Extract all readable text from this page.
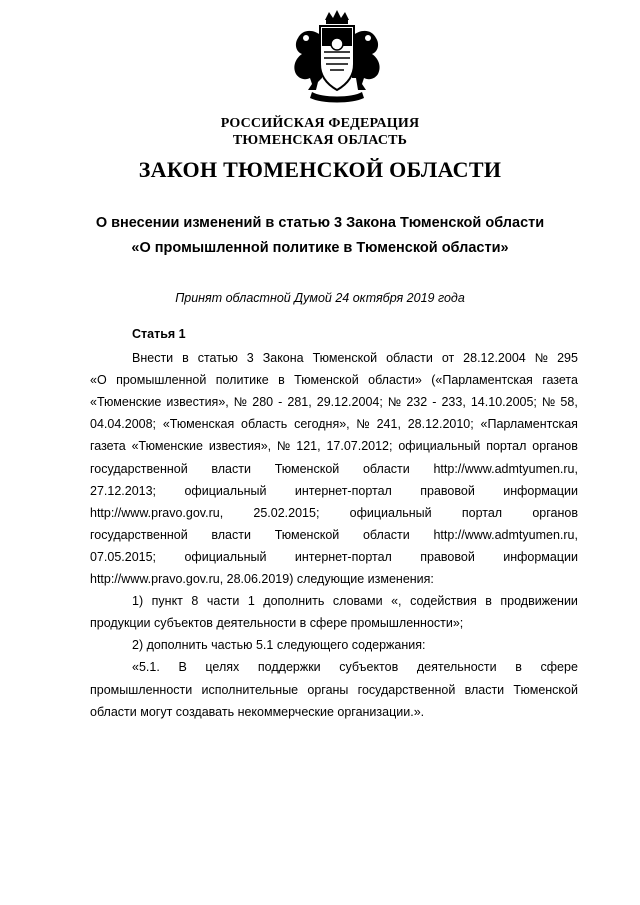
РОССИЙСКАЯ ФЕДЕРАЦИЯ
ТЮМЕНСКАЯ ОБЛАСТЬ
ЗАКОН ТЮМЕНСКОЙ ОБЛАСТИ
О внесении изменений в статью 3 Закона Тюменской области
«О промышленной политике в Тюменской области»
Принят областной Думой 24 октября 2019 года
Статья 1
Внести в статью 3 Закона Тюменской области от 28.12.2004 № 295
«О промышленной политике в Тюменской области» («Парламентская газета
«Тюменские известия», № 280 - 281, 29.12.2004; № 232 - 233, 14.10.2005; № 58,
04.04.2008; «Тюменская область сегодня», № 241, 28.12.2010; «Парламентская
газета «Тюменские известия», № 121, 17.07.2012; официальный портал органов
государственной власти Тюменской области http://www.admtyumen.ru,
27.12.2013; официальный интернет-портал правовой информации
http://www.pravo.gov.ru, 25.02.2015; официальный портал органов
государственной власти Тюменской области http://www.admtyumen.ru,
07.05.2015; официальный интернет-портал правовой информации
http://www.pravo.gov.ru, 28.06.2019) следующие изменения:
1) пункт 8 части 1 дополнить словами «, содействия в продвижении
продукции субъектов деятельности в сфере промышленности»;
2) дополнить частью 5.1 следующего содержания:
«5.1. В целях поддержки субъектов деятельности в сфере
промышленности исполнительные органы государственной власти Тюменской
области могут создавать некоммерческие организации.».
